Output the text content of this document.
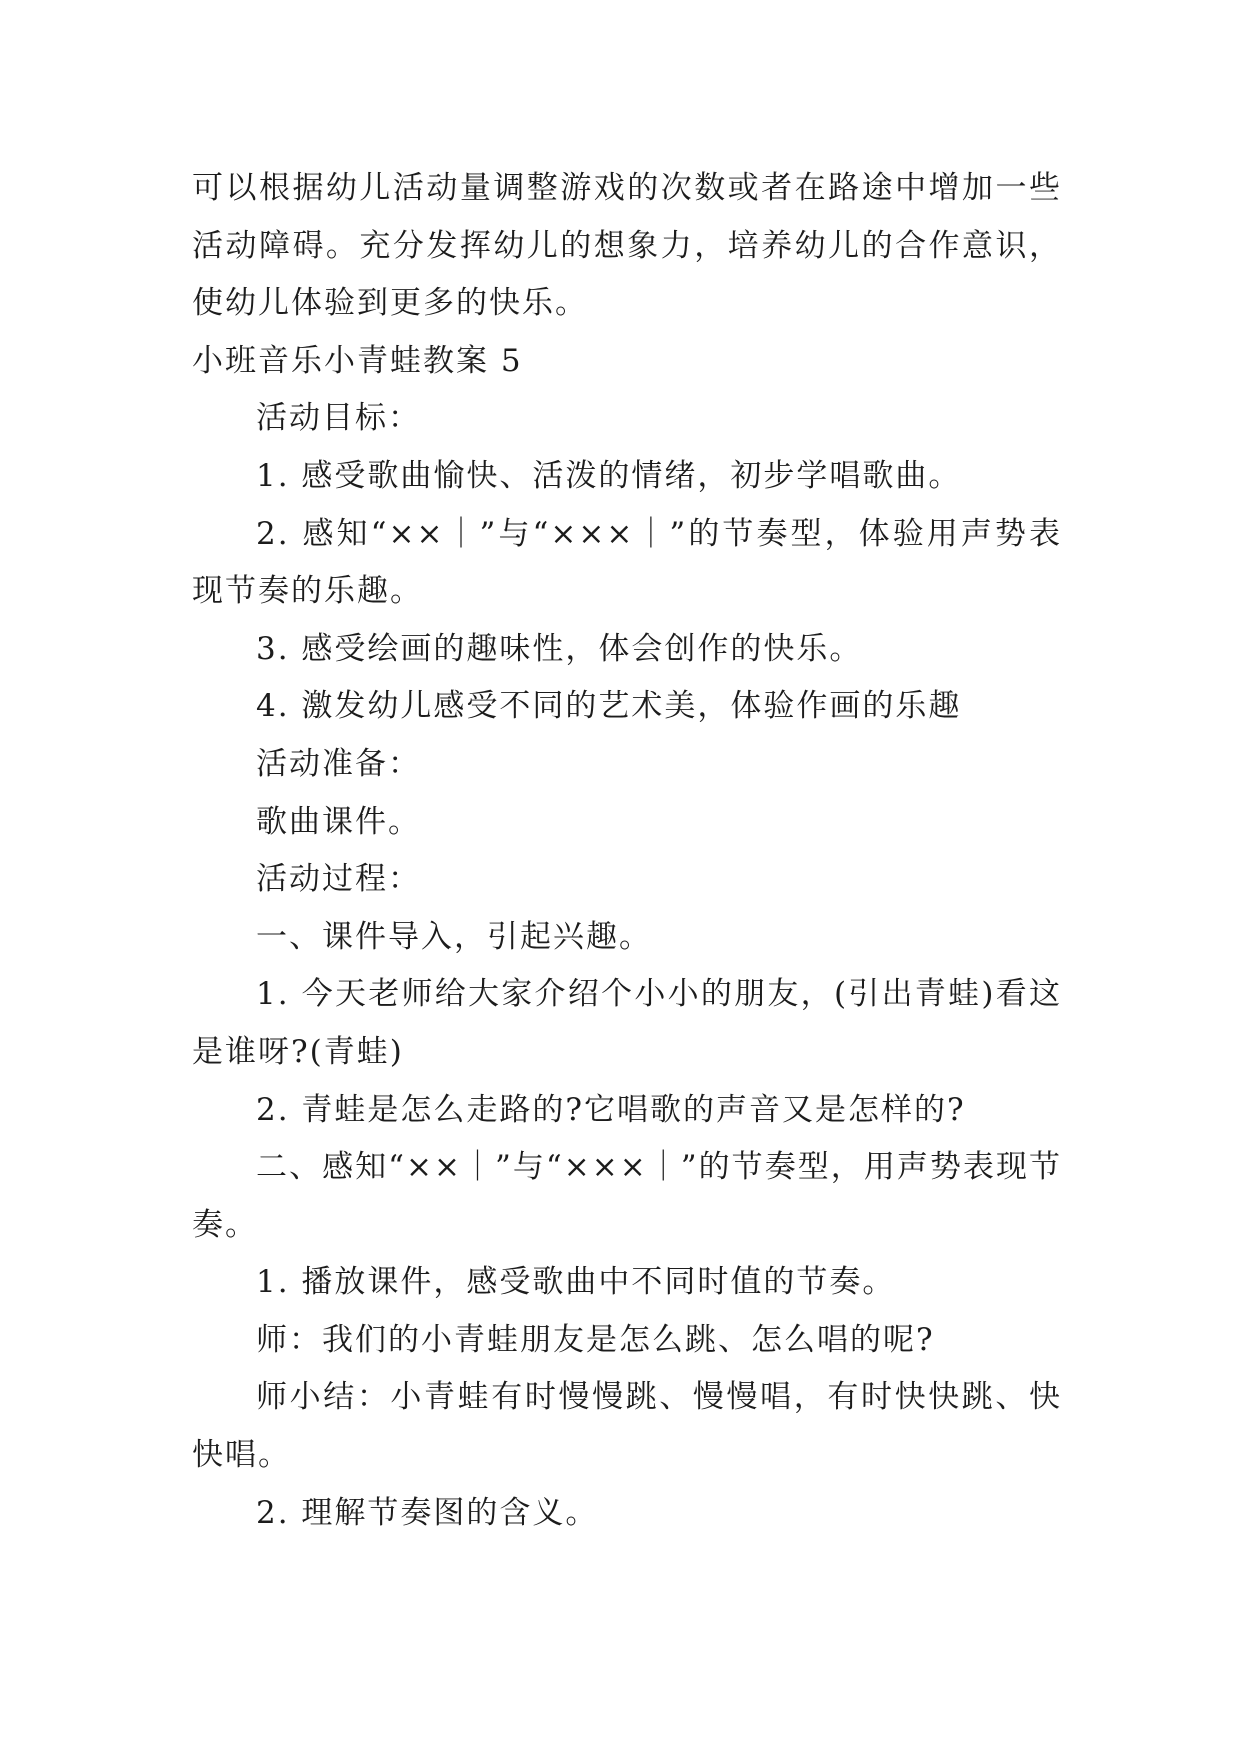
可以根据幼儿活动量调整游戏的次数或者在路途中增加一些活动障碍。充分发挥幼儿的想象力，培养幼儿的合作意识，使幼儿体验到更多的快乐。

小班音乐小青蛙教案 5

活动目标：

1. 感受歌曲愉快、活泼的情绪，初步学唱歌曲。

2. 感知“××｜”与“×××｜”的节奏型，体验用声势表现节奏的乐趣。

3. 感受绘画的趣味性，体会创作的快乐。

4. 激发幼儿感受不同的艺术美，体验作画的乐趣

活动准备：

歌曲课件。

活动过程：

一、课件导入，引起兴趣。

1. 今天老师给大家介绍个小小的朋友，(引出青蛙)看这是谁呀?(青蛙)

2. 青蛙是怎么走路的?它唱歌的声音又是怎样的?

二、感知“××｜”与“×××｜”的节奏型，用声势表现节奏。

1. 播放课件，感受歌曲中不同时值的节奏。

师：我们的小青蛙朋友是怎么跳、怎么唱的呢?

师小结：小青蛙有时慢慢跳、慢慢唱，有时快快跳、快快唱。

2. 理解节奏图的含义。
